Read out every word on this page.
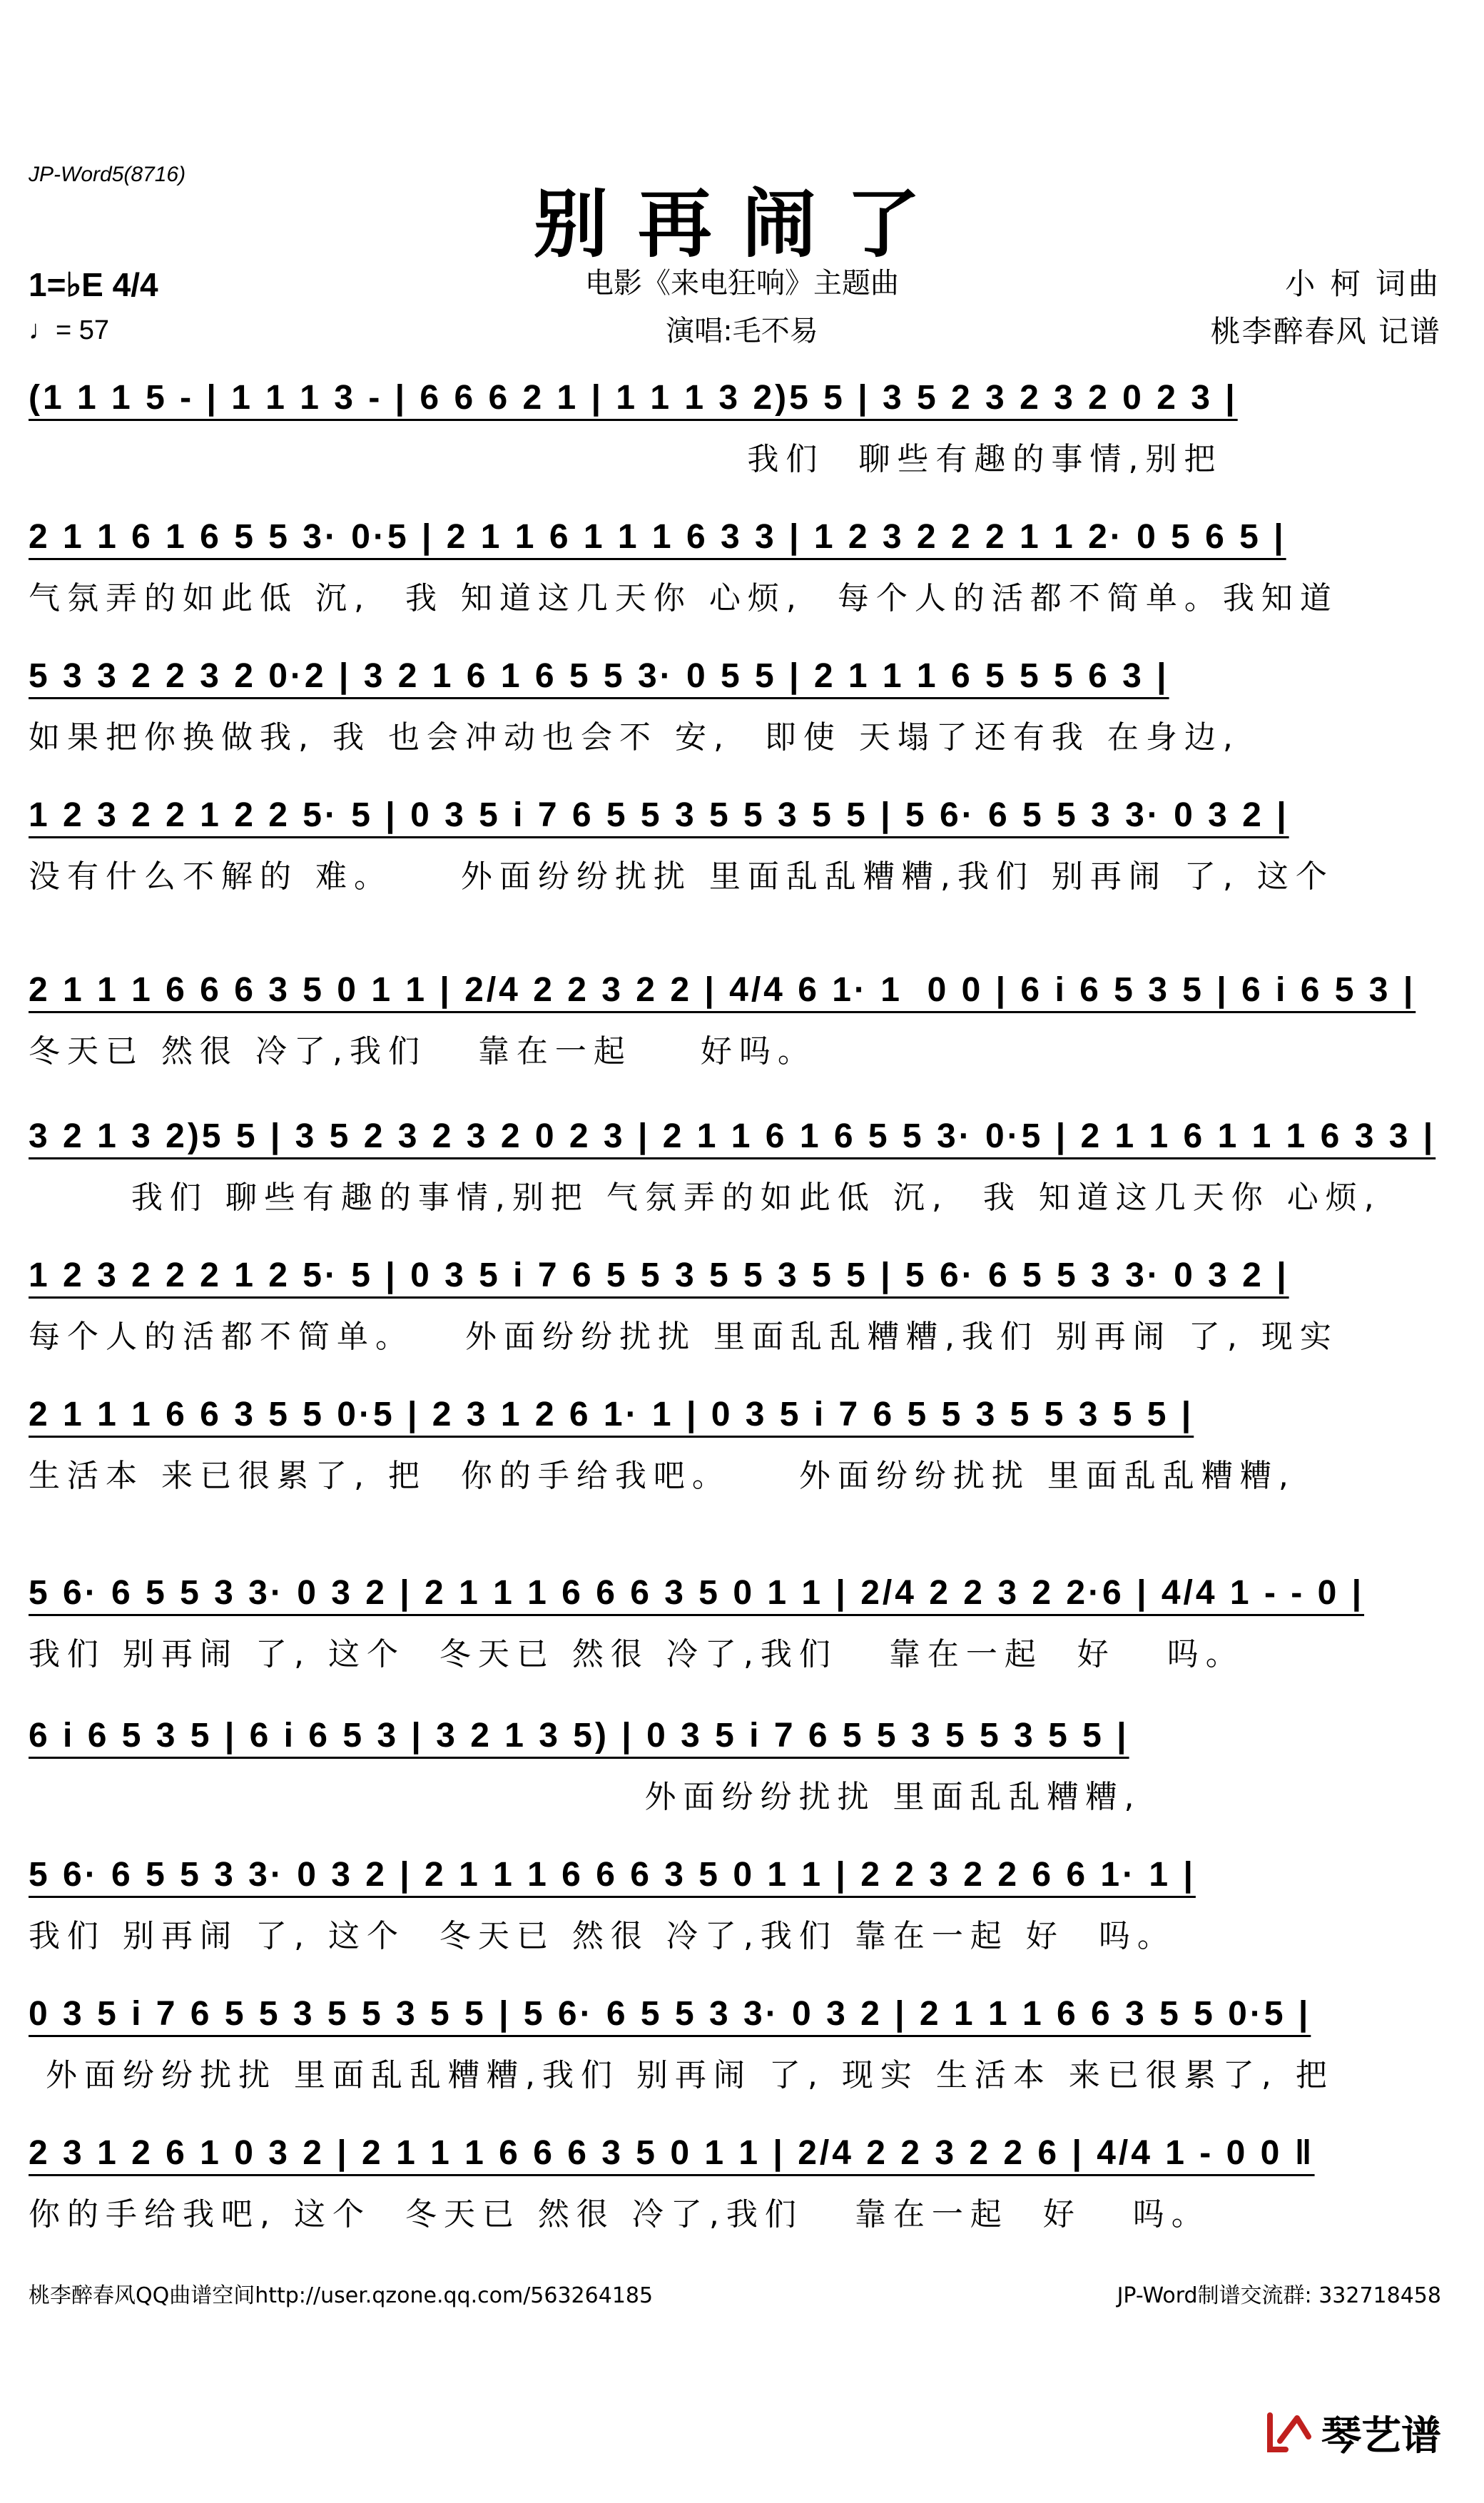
JP-Word5(8716)
别再闹了
1=♭E 4/4
♩= 57
电影《来电狂响》主题曲
演唱:毛不易
小 柯 词曲
桃李醉春风 记谱
(1 1 1 5 - | 1 1 1 3 - | 6 6 6 2 1 | 1 1 1 3 2)5 5 | 3 5 2 3 2 3 2 0 2 3 |
我们  聊些有趣的事情,别把
2 1 1 6 1 6 5 5 3· 0·5 | 2 1 1 6 1 1 1 6 3 3 | 1 2 3 2 2 2 1 1 2· 0 5 6 5 |
气氛弄的如此低 沉,  我 知道这几天你 心烦,  每个人的活都不简单。我知道
5 3 3 2 2 3 2 0·2 | 3 2 1 6 1 6 5 5 3· 0 5 5 | 2 1 1 1 6 5 5 5 6 3 |
如果把你换做我, 我 也会冲动也会不 安,  即使 天塌了还有我 在身边,
1 2 3 2 2 1 2 2 5· 5 | 0 3 5 i 7 6 5 5 3 5 5 3 5 5 | 5 6· 6 5 5 3 3· 0 3 2 |
没有什么不解的 难。    外面纷纷扰扰 里面乱乱糟糟,我们 别再闹 了, 这个
2 1 1 1 6 6 6 3 5 0 1 1 | 2/4 2 2 3 2 2 | 4/4 6 1· 1  0 0 | 6 i 6 5 3 5 | 6 i 6 5 3 |
冬天已 然很 冷了,我们   靠在一起    好吗。
3 2 1 3 2)5 5 | 3 5 2 3 2 3 2 0 2 3 | 2 1 1 6 1 6 5 5 3· 0·5 | 2 1 1 6 1 1 1 6 3 3 |
我们 聊些有趣的事情,别把 气氛弄的如此低 沉,  我 知道这几天你 心烦,
1 2 3 2 2 2 1 2 5· 5 | 0 3 5 i 7 6 5 5 3 5 5 3 5 5 | 5 6· 6 5 5 3 3· 0 3 2 |
每个人的活都不简单。   外面纷纷扰扰 里面乱乱糟糟,我们 别再闹 了, 现实
2 1 1 1 6 6 3 5 5 0·5 | 2 3 1 2 6 1· 1 | 0 3 5 i 7 6 5 5 3 5 5 3 5 5 |
生活本 来已很累了, 把  你的手给我吧。    外面纷纷扰扰 里面乱乱糟糟,
5 6· 6 5 5 3 3· 0 3 2 | 2 1 1 1 6 6 6 3 5 0 1 1 | 2/4 2 2 3 2 2·6 | 4/4 1 - - 0 |
我们 别再闹 了, 这个  冬天已 然很 冷了,我们   靠在一起  好   吗。
6 i 6 5 3 5 | 6 i 6 5 3 | 3 2 1 3 5) | 0 3 5 i 7 6 5 5 3 5 5 3 5 5 |
外面纷纷扰扰 里面乱乱糟糟,
5 6· 6 5 5 3 3· 0 3 2 | 2 1 1 1 6 6 6 3 5 0 1 1 | 2 2 3 2 2 6 6 1· 1 |
我们 别再闹 了, 这个  冬天已 然很 冷了,我们 靠在一起 好  吗。
0 3 5 i 7 6 5 5 3 5 5 3 5 5 | 5 6· 6 5 5 3 3· 0 3 2 | 2 1 1 1 6 6 3 5 5 0·5 |
外面纷纷扰扰 里面乱乱糟糟,我们 别再闹 了, 现实 生活本 来已很累了, 把
2 3 1 2 6 1 0 3 2 | 2 1 1 1 6 6 6 3 5 0 1 1 | 2/4 2 2 3 2 2 6 | 4/4 1 - 0 0 ‖
你的手给我吧, 这个  冬天已 然很 冷了,我们   靠在一起  好   吗。
桃李醉春风QQ曲谱空间http://user.qzone.qq.com/563264185	JP-Word制谱交流群: 332718458
琴艺谱
